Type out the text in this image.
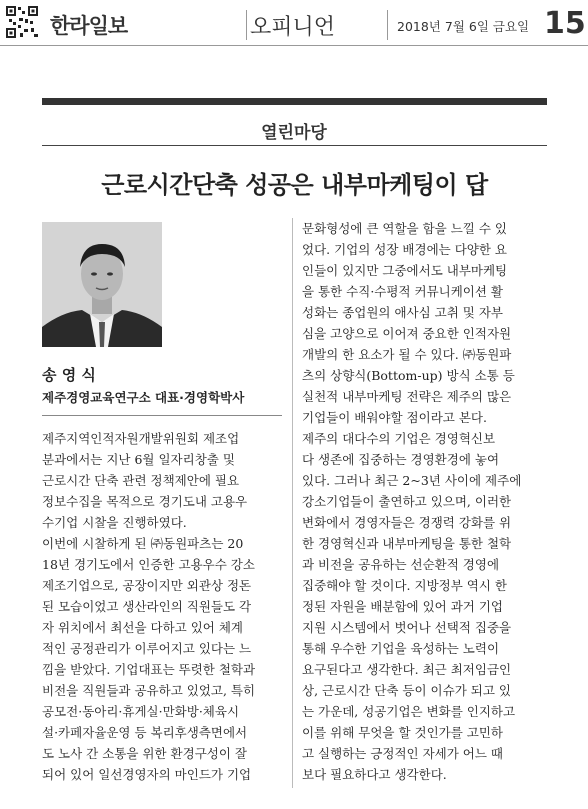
한라일보	오피니언	2018년 7월 6일 금요일 15
열린마당
근로시간단축 성공은 내부마케팅이 답
송 영 식
제주경영교육연구소 대표·경영학박사
제주지역인적자원개발위원회 제조업
분과에서는 지난 6월 일자리창출 및
근로시간 단축 관련 정책제안에 필요
정보수집을 목적으로 경기도내 고용우
수기업 시찰을 진행하였다.
이번에 시찰하게 된 ㈜동원파츠는 20
18년 경기도에서 인증한 고용우수 강소
제조기업으로, 공장이지만 외관상 정돈
된 모습이었고 생산라인의 직원들도 각
자 위치에서 최선을 다하고 있어 체계
적인 공정관리가 이루어지고 있다는 느
낌을 받았다. 기업대표는 뚜렷한 철학과
비전을 직원들과 공유하고 있었고, 특히
공모전·동아리·휴게실·만화방·체육시
설·카페자율운영 등 복리후생측면에서
도 노사 간 소통을 위한 환경구성이 잘
되어 있어 일선경영자의 마인드가 기업
문화형성에 큰 역할을 함을 느낄 수 있
었다. 기업의 성장 배경에는 다양한 요
인들이 있지만 그중에서도 내부마케팅
을 통한 수직·수평적 커뮤니케이션 활
성화는 종업원의 애사심 고취 및 자부
심을 고양으로 이어져 중요한 인적자원
개발의 한 요소가 될 수 있다. ㈜동원파
츠의 상향식(Bottom-up) 방식 소통 등
실천적 내부마케팅 전략은 제주의 많은
기업들이 배워야할 점이라고 본다.
제주의 대다수의 기업은 경영혁신보
다 생존에 집중하는 경영환경에 놓여
있다. 그러나 최근 2~3년 사이에 제주에
강소기업들이 출연하고 있으며, 이러한
변화에서 경영자들은 경쟁력 강화를 위
한 경영혁신과 내부마케팅을 통한 철학
과 비전을 공유하는 선순환적 경영에
집중해야 할 것이다. 지방정부 역시 한
정된 자원을 배분함에 있어 과거 기업
지원 시스템에서 벗어나 선택적 집중을
통해 우수한 기업을 육성하는 노력이
요구된다고 생각한다. 최근 최저임금인
상, 근로시간 단축 등이 이슈가 되고 있
는 가운데, 성공기업은 변화를 인지하고
이를 위해 무엇을 할 것인가를 고민하
고 실행하는 긍정적인 자세가 어느 때
보다 필요하다고 생각한다.
